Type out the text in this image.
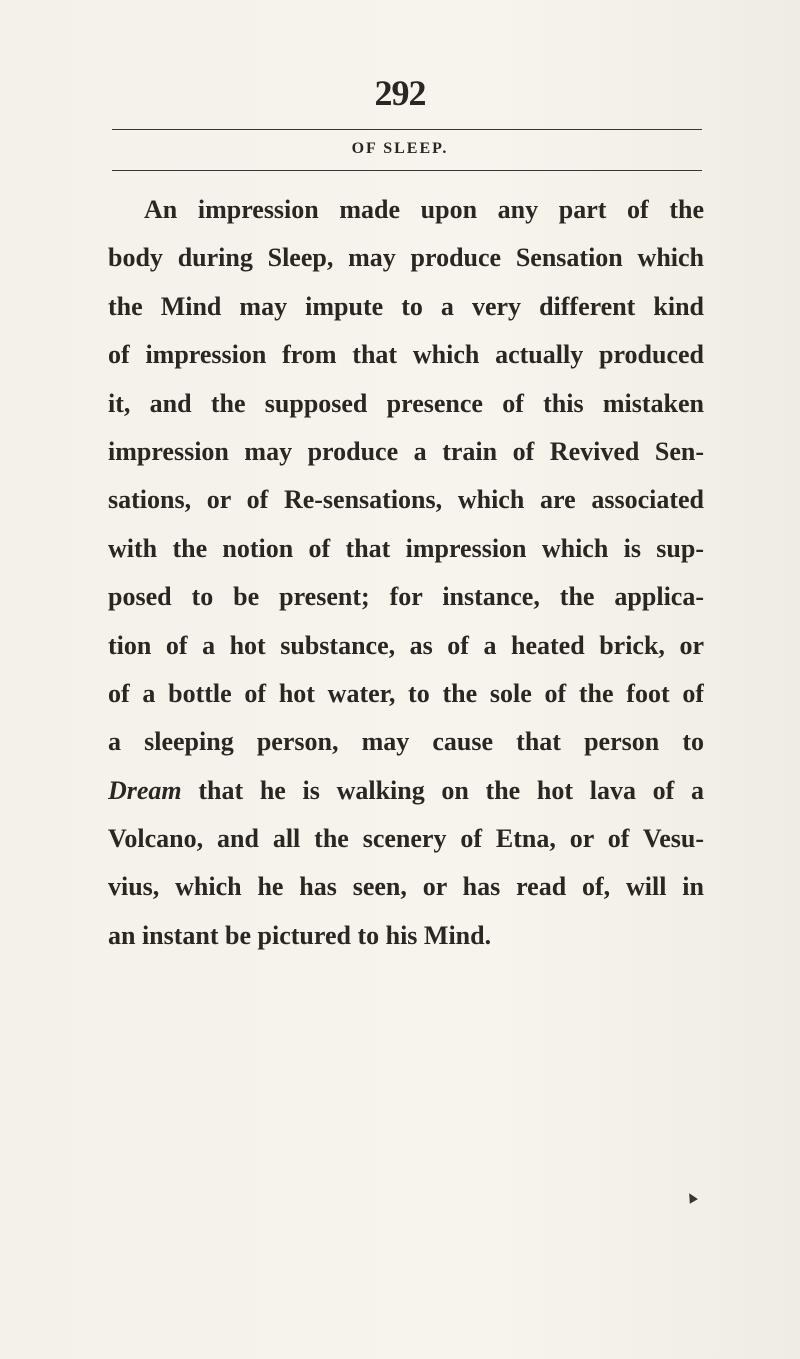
292
OF SLEEP.
An impression made upon any part of the
body during Sleep, may produce Sensation which
the Mind may impute to a very different kind
of impression from that which actually produced
it, and the supposed presence of this mistaken
impression may produce a train of Revived Sen-
sations, or of Re-sensations, which are associated
with the notion of that impression which is sup-
posed to be present; for instance, the applica-
tion of a hot substance, as of a heated brick, or
of a bottle of hot water, to the sole of the foot of
a sleeping person, may cause that person to
Dream that he is walking on the hot lava of a
Volcano, and all the scenery of Etna, or of Vesu-
vius, which he has seen, or has read of, will in
an instant be pictured to his Mind.
▲
